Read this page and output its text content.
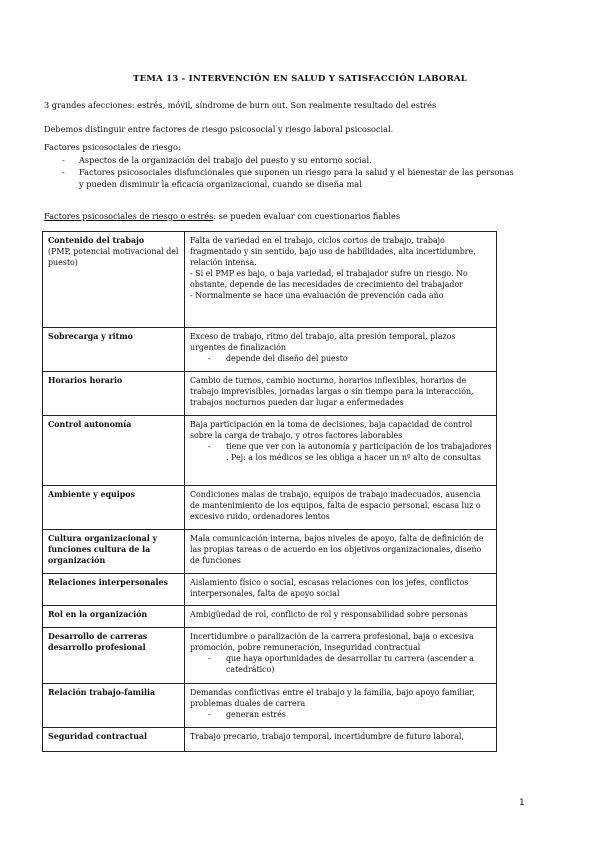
TEMA 13 - INTERVENCIÓN EN SALUD Y SATISFACCIÓN LABORAL
3 grandes afecciones: estrés, móvil, síndrome de burn out. Son realmente resultado del estrés
Debemos distinguir entre factores de riesgo psicosocial y riesgo laboral psicosocial.
Factores psicosociales de riesgo:
- Aspectos de la organización del trabajo del puesto y su entorno social.
- Factores psicosociales disfuncionales que suponen un riesgo para la salud y el bienestar de las personas y pueden disminuir la eficacia organizacional, cuando se diseña mal
Factores psicosociales de riesgo o estrés: se pueden evaluar con cuestionarios fiables
Contenido del trabajo
(PMP, potencial motivacional del puesto)	Falta de variedad en el trabajo, ciclos cortos de trabajo, trabajo fragmentado y sin sentido, bajo uso de habilidades, alta incertidumbre, relación intensa.
- Si el PMP es bajo, o baja variedad, el trabajador sufre un riesgo. No obstante, depende de las necesidades de crecimiento del trabajador
- Normalmente se hace una evaluación de prevención cada año

Sobrecarga y ritmo	Exceso de trabajo, ritmo del trabajo, alta presión temporal, plazos urgentes de finalización
- depende del diseño del puesto

Horarios horario	Cambio de turnos, cambio nocturno, horarios inflexibles, horarios de trabajo imprevisibles, jornadas largas o sin tiempo para la interacción, trabajos nocturnos pueden dar lugar a enfermedades

Control autonomía	Baja participación en la toma de decisiones, baja capacidad de control sobre la carga de trabajo, y otros factores laborables
- tiene que ver con la autonomía y participación de los trabajadores . Pej: a los médicos se les obliga a hacer un nº alto de consultas

Ambiente y equipos	Condiciones malas de trabajo, equipos de trabajo inadecuados, ausencia de mantenimiento de los equipos, falta de espacio personal, escasa luz o excesivo ruido, ordenadores lentos

Cultura organizacional y funciones cultura de la organización	Mala comunicación interna, bajos niveles de apoyo, falta de definición de las propias tareas o de acuerdo en los objetivos organizacionales, diseño de funciones

Relaciones interpersonales	Aislamiento físico o social, escasas relaciones con los jefes, conflictos interpersonales, falta de apoyo social

Rol en la organización	Ambigüedad de rol, conflicto de rol y responsabilidad sobre personas

Desarrollo de carreras desarrollo profesional	Incertidumbre o paralización de la carrera profesional, baja o excesiva promoción, pobre remuneración, inseguridad contractual
- que haya oportunidades de desarrollar tu carrera (ascender a catedrático)

Relación trabajo-familia	Demandas conflictivas entre el trabajo y la familia, bajo apoyo familiar, problemas duales de carrera
- generan estrés

Seguridad contractual	Trabajo precario, trabajo temporal, incertidumbre de futuro laboral,
1
